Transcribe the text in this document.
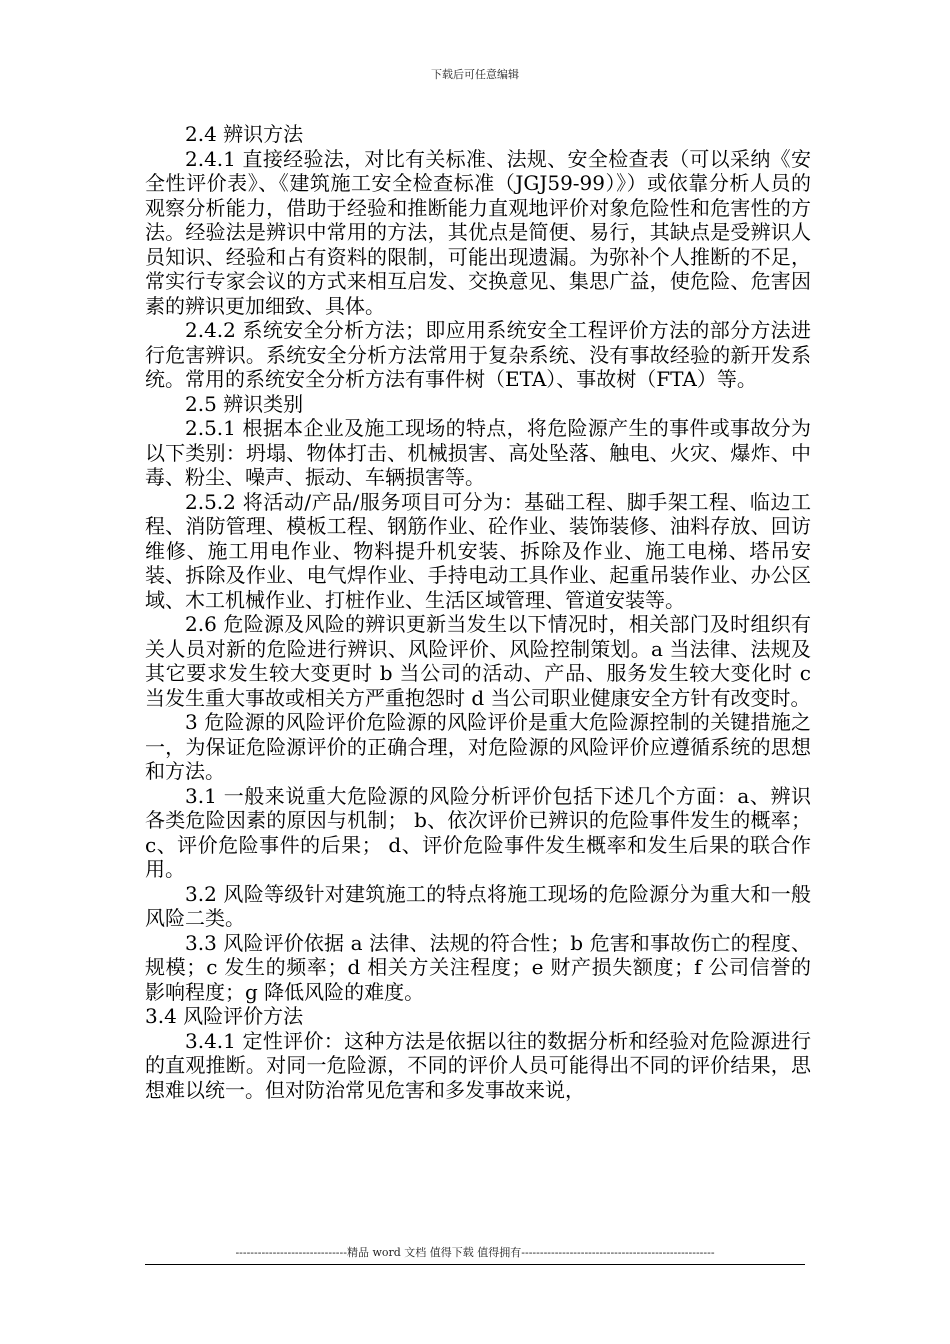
下载后可任意编辑

2.4 辨识方法

2.4.1 直接经验法，对比有关标准、法规、安全检查表（可以采纳《安全性评价表》、《建筑施工安全检查标准（JGJ59-99）》）或依靠分析人员的观察分析能力，借助于经验和推断能力直观地评价对象危险性和危害性的方法。经验法是辨识中常用的方法，其优点是简便、易行，其缺点是受辨识人员知识、经验和占有资料的限制，可能出现遗漏。为弥补个人推断的不足，常实行专家会议的方式来相互启发、交换意见、集思广益，使危险、危害因素的辨识更加细致、具体。

2.4.2 系统安全分析方法；即应用系统安全工程评价方法的部分方法进行危害辨识。系统安全分析方法常用于复杂系统、没有事故经验的新开发系统。常用的系统安全分析方法有事件树（ETA）、事故树（FTA）等。

2.5 辨识类别

2.5.1 根据本企业及施工现场的特点，将危险源产生的事件或事故分为以下类别：坍塌、物体打击、机械损害、高处坠落、触电、火灾、爆炸、中毒、粉尘、噪声、振动、车辆损害等。

2.5.2 将活动/产品/服务项目可分为：基础工程、脚手架工程、临边工程、消防管理、模板工程、钢筋作业、砼作业、装饰装修、油料存放、回访维修、施工用电作业、物料提升机安装、拆除及作业、施工电梯、塔吊安装、拆除及作业、电气焊作业、手持电动工具作业、起重吊装作业、办公区域、木工机械作业、打桩作业、生活区域管理、管道安装等。

2.6 危险源及风险的辨识更新当发生以下情况时，相关部门及时组织有关人员对新的危险进行辨识、风险评价、风险控制策划。a 当法律、法规及其它要求发生较大变更时 b 当公司的活动、产品、服务发生较大变化时 c 当发生重大事故或相关方严重抱怨时 d 当公司职业健康安全方针有改变时。

3 危险源的风险评价危险源的风险评价是重大危险源控制的关键措施之一，为保证危险源评价的正确合理，对危险源的风险评价应遵循系统的思想和方法。

3.1 一般来说重大危险源的风险分析评价包括下述几个方面：a、辨识各类危险因素的原因与机制； b、依次评价已辨识的危险事件发生的概率； c、评价危险事件的后果； d、评价危险事件发生概率和发生后果的联合作用。

3.2 风险等级针对建筑施工的特点将施工现场的危险源分为重大和一般风险二类。

3.3 风险评价依据 a 法律、法规的符合性；b 危害和事故伤亡的程度、规模；c 发生的频率；d 相关方关注程度；e 财产损失额度；f 公司信誉的影响程度；g 降低风险的难度。

3.4 风险评价方法

3.4.1 定性评价：这种方法是依据以往的数据分析和经验对危险源进行的直观推断。对同一危险源，不同的评价人员可能得出不同的评价结果，思想难以统一。但对防治常见危害和多发事故来说，

------------------------------精品 word 文档 值得下载 值得拥有----------------------------------------------------
